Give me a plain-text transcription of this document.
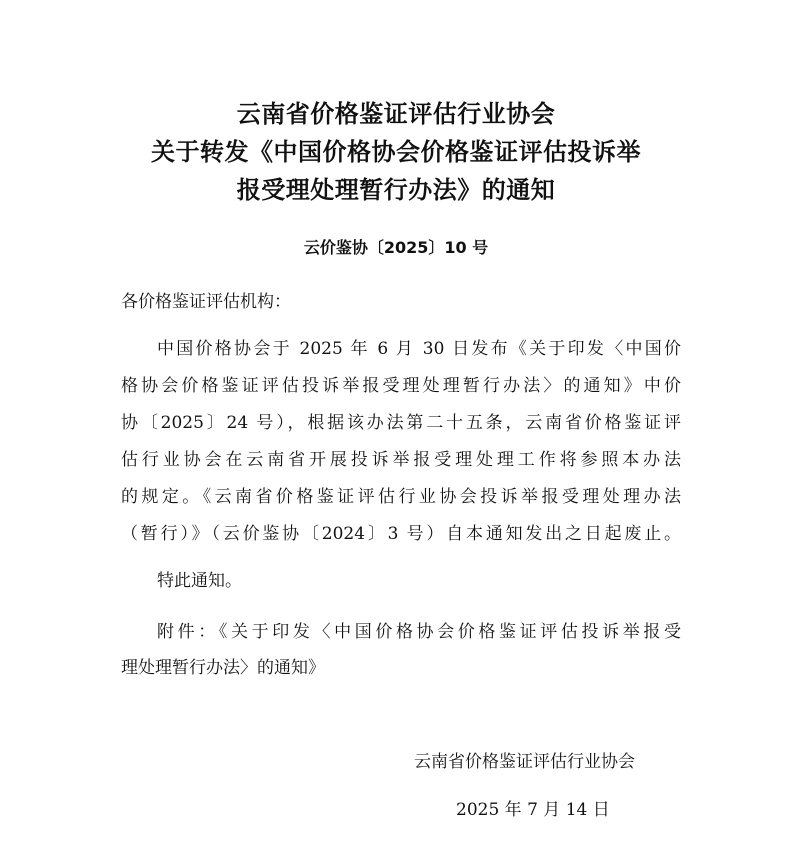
云南省价格鉴证评估行业协会
关于转发《中国价格协会价格鉴证评估投诉举
报受理处理暂行办法》的通知
云价鉴协〔2025〕10 号
各价格鉴证评估机构：
中国价格协会于 2025 年 6 月 30 日发布《关于印发〈中国价
格协会价格鉴证评估投诉举报受理处理暂行办法〉的通知》中价
协〔2025〕24 号），根据该办法第二十五条，云南省价格鉴证评
估行业协会在云南省开展投诉举报受理处理工作将参照本办法
的规定。《云南省价格鉴证评估行业协会投诉举报受理处理办法
（暂行）》（云价鉴协〔2024〕3 号）自本通知发出之日起废止。
特此通知。
附件：《关于印发〈中国价格协会价格鉴证评估投诉举报受
理处理暂行办法〉的通知》
云南省价格鉴证评估行业协会
2025 年 7 月 14 日
